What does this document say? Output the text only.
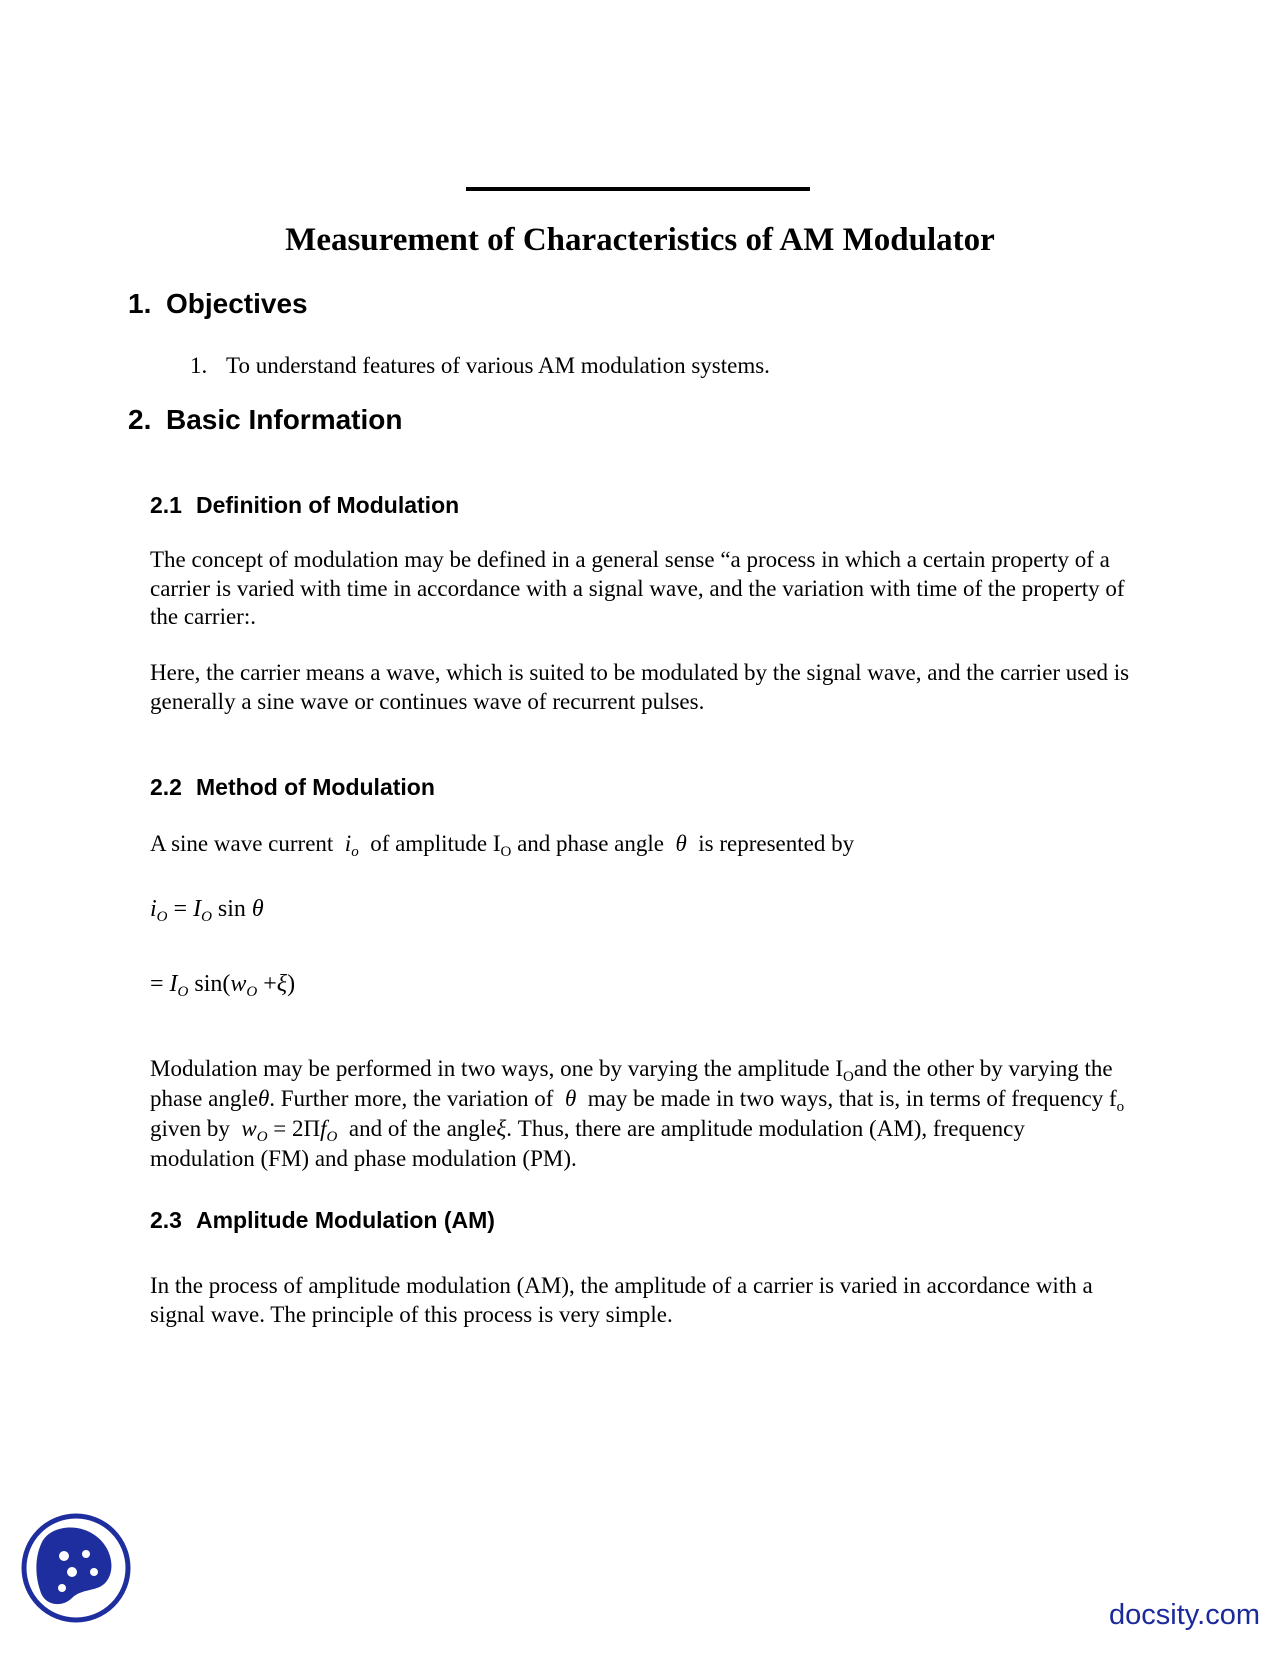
Measurement of Characteristics of AM Modulator
1. Objectives
1. To understand features of various AM modulation systems.
2. Basic Information
2.1 Definition of Modulation

The concept of modulation may be defined in a general sense “a process in which a certain property of a carrier is varied with time in accordance with a signal wave, and the variation with time of the property of the carrier:.

Here, the carrier means a wave, which is suited to be modulated by the signal wave, and the carrier used is generally a sine wave or continues wave of recurrent pulses.

2.2 Method of Modulation

A sine wave current $i_o$ of amplitude $I_O$ and phase angle θ is represented by

$i_O = I_O$ sin θ
= $I_O$ $\sin(w_O +\xi)$

Modulation may be performed in two ways, one by varying the amplitude $I_Oand$ the other by varying the phase angleθ. Further more, the variation of θ may be made in two ways, that is, in terms of frequency $f_o$ given by $w_O = 2\Pi f_O$ and of the angleξ. Thus, there are amplitude modulation (AM), frequency modulation (FM) and phase modulation (PM).

2.3 Amplitude Modulation (AM)

In the process of amplitude modulation (AM), the amplitude of a carrier is varied in accordance with a signal wave. The principle of this process is very simple.

docsity.com
